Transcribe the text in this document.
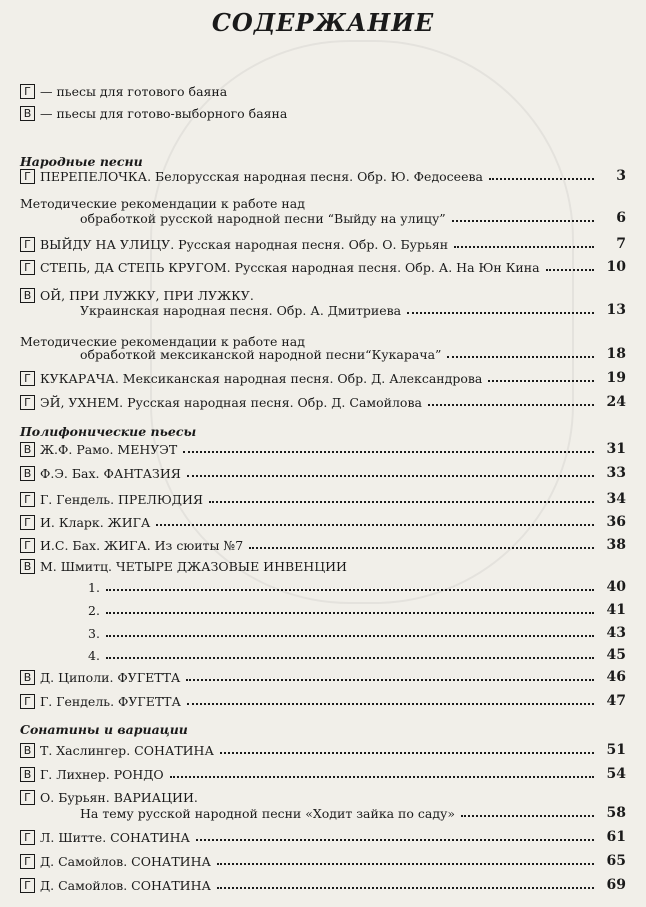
СОДЕРЖАНИЕ
Г — пьесы для готового баяна
В — пьесы для готово-выборного баяна
Народные песни
Г ПЕРЕПЕЛОЧКА. Белорусская народная песня. Обр. Ю. Федосеева	3
Методические рекомендации к работе над
обработкой русской народной песни “Выйду на улицу”	6
Г ВЫЙДУ НА УЛИЦУ. Русская народная песня. Обр. О. Бурьян	7
Г СТЕПЬ, ДА СТЕПЬ КРУГОМ. Русская народная песня. Обр. А. На Юн Кина	10
В ОЙ, ПРИ ЛУЖКУ, ПРИ ЛУЖКУ.
Украинская народная песня. Обр. А. Дмитриева	13
Методические рекомендации к работе над
обработкой мексиканской народной песни“Кукарача”	18
Г КУКАРАЧА. Мексиканская народная песня. Обр. Д. Александрова	19
Г ЭЙ, УХНЕМ. Русская народная песня. Обр. Д. Самойлова	24
Полифонические пьесы
В Ж.Ф. Рамо. МЕНУЭТ	31
В Ф.Э. Бах. ФАНТАЗИЯ	33
Г Г. Гендель. ПРЕЛЮДИЯ	34
Г И. Кларк. ЖИГА	36
Г И.С. Бах. ЖИГА. Из сюиты №7	38
В М. Шмитц. ЧЕТЫРЕ ДЖАЗОВЫЕ ИНВЕНЦИИ
1.	40
2.	41
3.	43
4.	45
В Д. Циполи. ФУГЕТТА	46
Г Г. Гендель. ФУГЕТТА	47
Сонатины и вариации
В Т. Хаслингер. СОНАТИНА	51
В Г. Лихнер. РОНДО	54
Г О. Бурьян. ВАРИАЦИИ.
На тему русской народной песни «Ходит зайка по саду»	58
Г Л. Шитте. СОНАТИНА	61
Г Д. Самойлов. СОНАТИНА	65
Г Д. Самойлов. СОНАТИНА	69
